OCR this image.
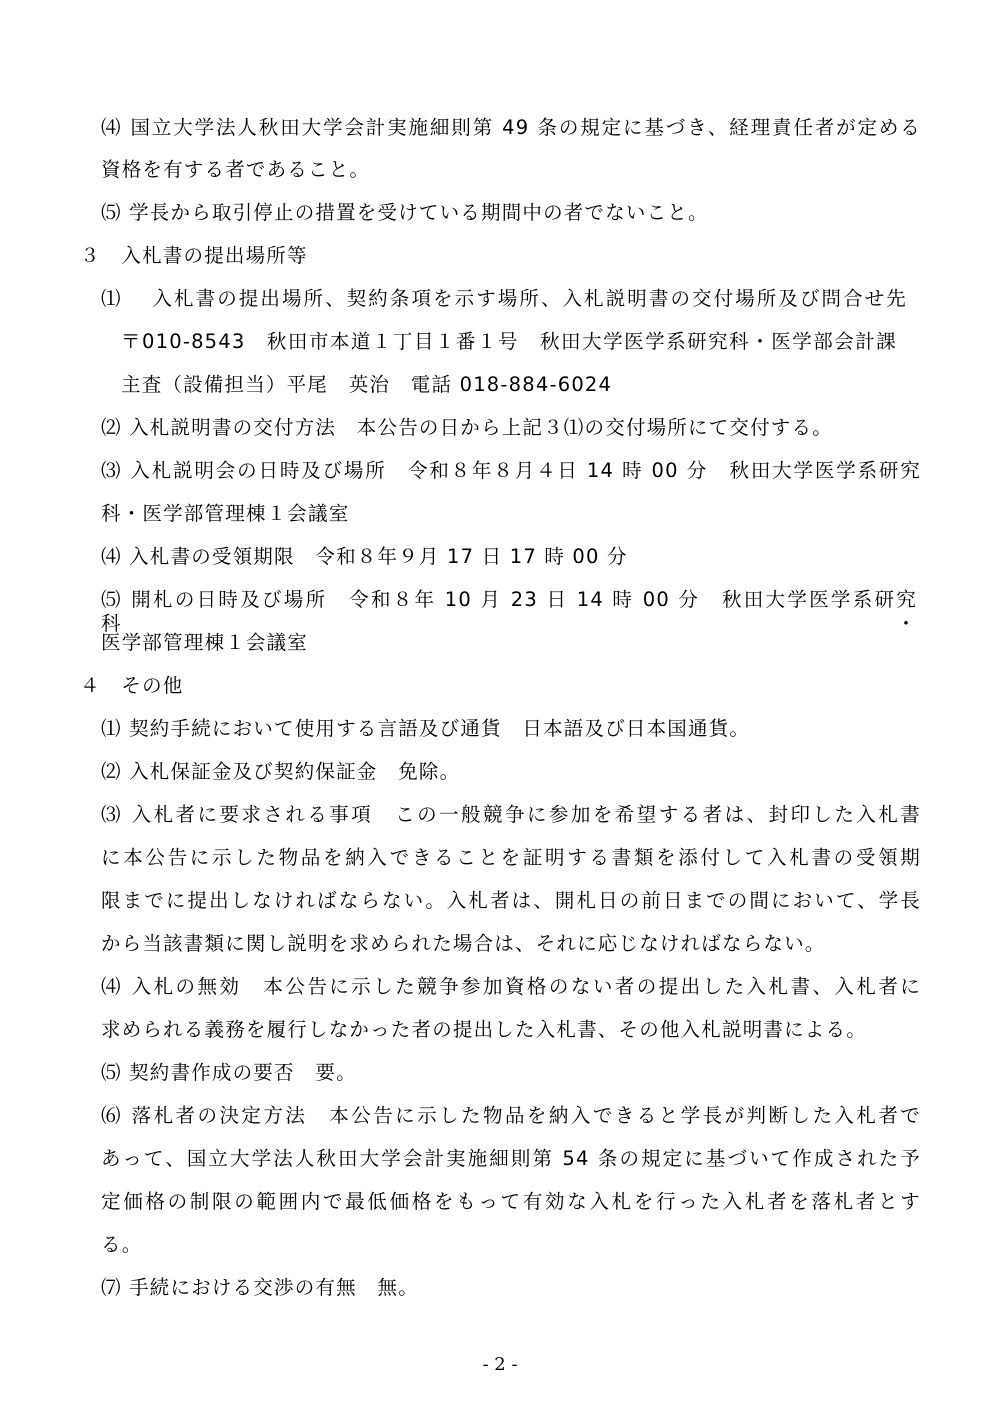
⑷ 国立大学法人秋田大学会計実施細則第 49 条の規定に基づき、経理責任者が定める
資格を有する者であること。
⑸ 学長から取引停止の措置を受けている期間中の者でないこと。
３　入札書の提出場所等
⑴　 入札書の提出場所、契約条項を示す場所、入札説明書の交付場所及び問合せ先
〒010-8543　秋田市本道１丁目１番１号　秋田大学医学系研究科・医学部会計課
主査（設備担当）平尾　英治　電話 018-884-6024
⑵ 入札説明書の交付方法　本公告の日から上記３⑴の交付場所にて交付する。
⑶ 入札説明会の日時及び場所　令和８年８月４日 14 時 00 分　秋田大学医学系研究
科・医学部管理棟１会議室
⑷ 入札書の受領期限　令和８年９月 17 日 17 時 00 分
⑸ 開札の日時及び場所　令和８年 10 月 23 日 14 時 00 分　秋田大学医学系研究科・
医学部管理棟１会議室
４　その他
⑴ 契約手続において使用する言語及び通貨　日本語及び日本国通貨。
⑵ 入札保証金及び契約保証金　免除。
⑶ 入札者に要求される事項　この一般競争に参加を希望する者は、封印した入札書
に本公告に示した物品を納入できることを証明する書類を添付して入札書の受領期
限までに提出しなければならない。入札者は、開札日の前日までの間において、学長
から当該書類に関し説明を求められた場合は、それに応じなければならない。
⑷ 入札の無効　本公告に示した競争参加資格のない者の提出した入札書、入札者に
求められる義務を履行しなかった者の提出した入札書、その他入札説明書による。
⑸ 契約書作成の要否　要。
⑹ 落札者の決定方法　本公告に示した物品を納入できると学長が判断した入札者で
あって、国立大学法人秋田大学会計実施細則第 54 条の規定に基づいて作成された予
定価格の制限の範囲内で最低価格をもって有効な入札を行った入札者を落札者とす
る。
⑺ 手続における交渉の有無　無。
- 2 -
